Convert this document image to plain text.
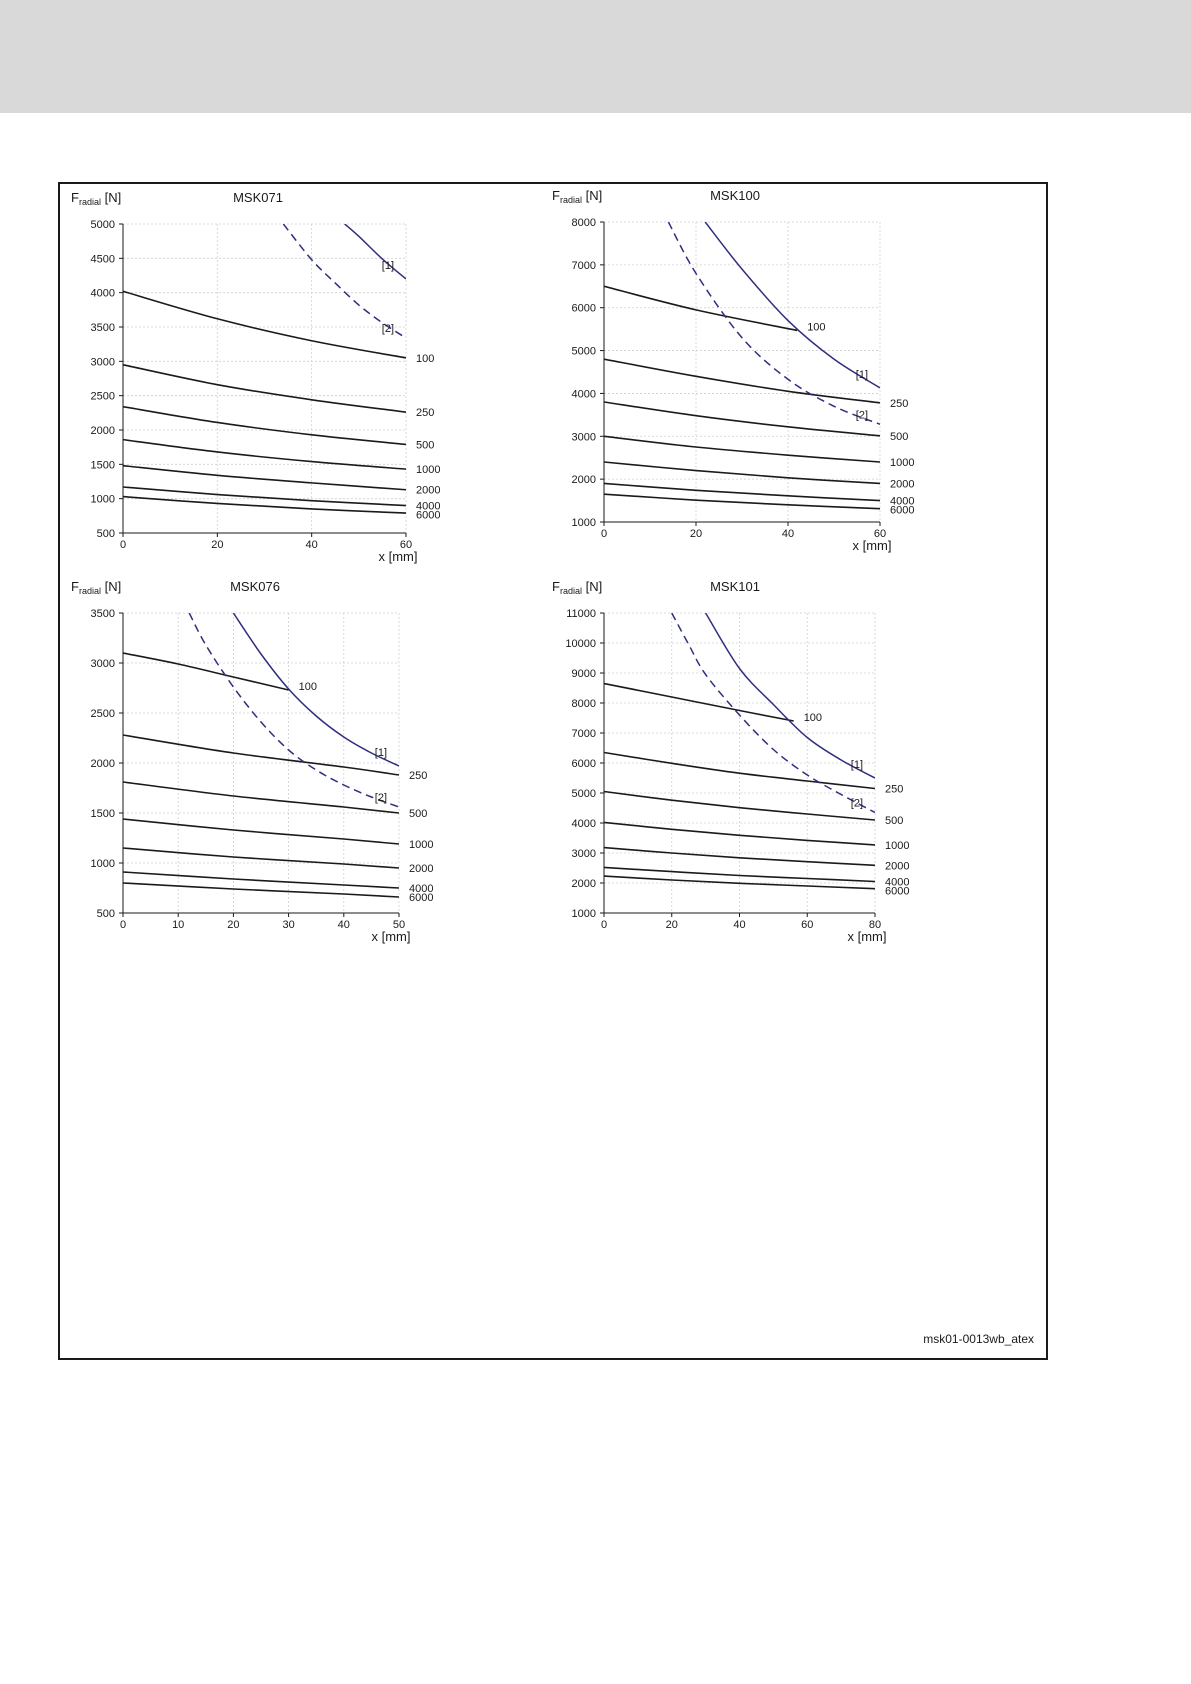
500
1000
1500
2000
2500
3000
3500
4000
4500
5000
0	20	40	60
MSK071
$F_{radial}$ [N]
x [mm]
100
250
500
1000
2000
4000
6000
[1]
[2]
1000
2000
3000
4000
5000
6000
7000
8000
0	20	40	60
MSK100
$F_{radial}$ [N]
x [mm]
100
250
500
1000
2000
4000
6000
[1]
[2]
500
1000
1500
2000
2500
3000
3500
0	10	20	30	40	50
MSK076
$F_{radial}$ [N]
x [mm]
100
250
500
1000
2000
4000
6000
[1]
[2]
1000
2000
3000
4000
5000
6000
7000
8000
9000
10000
11000
0	20	40	60	80
MSK101
$F_{radial}$ [N]
x [mm]
100
250
500
1000
2000
4000
6000
[1]
[2]
msk01-0013wb_atex
